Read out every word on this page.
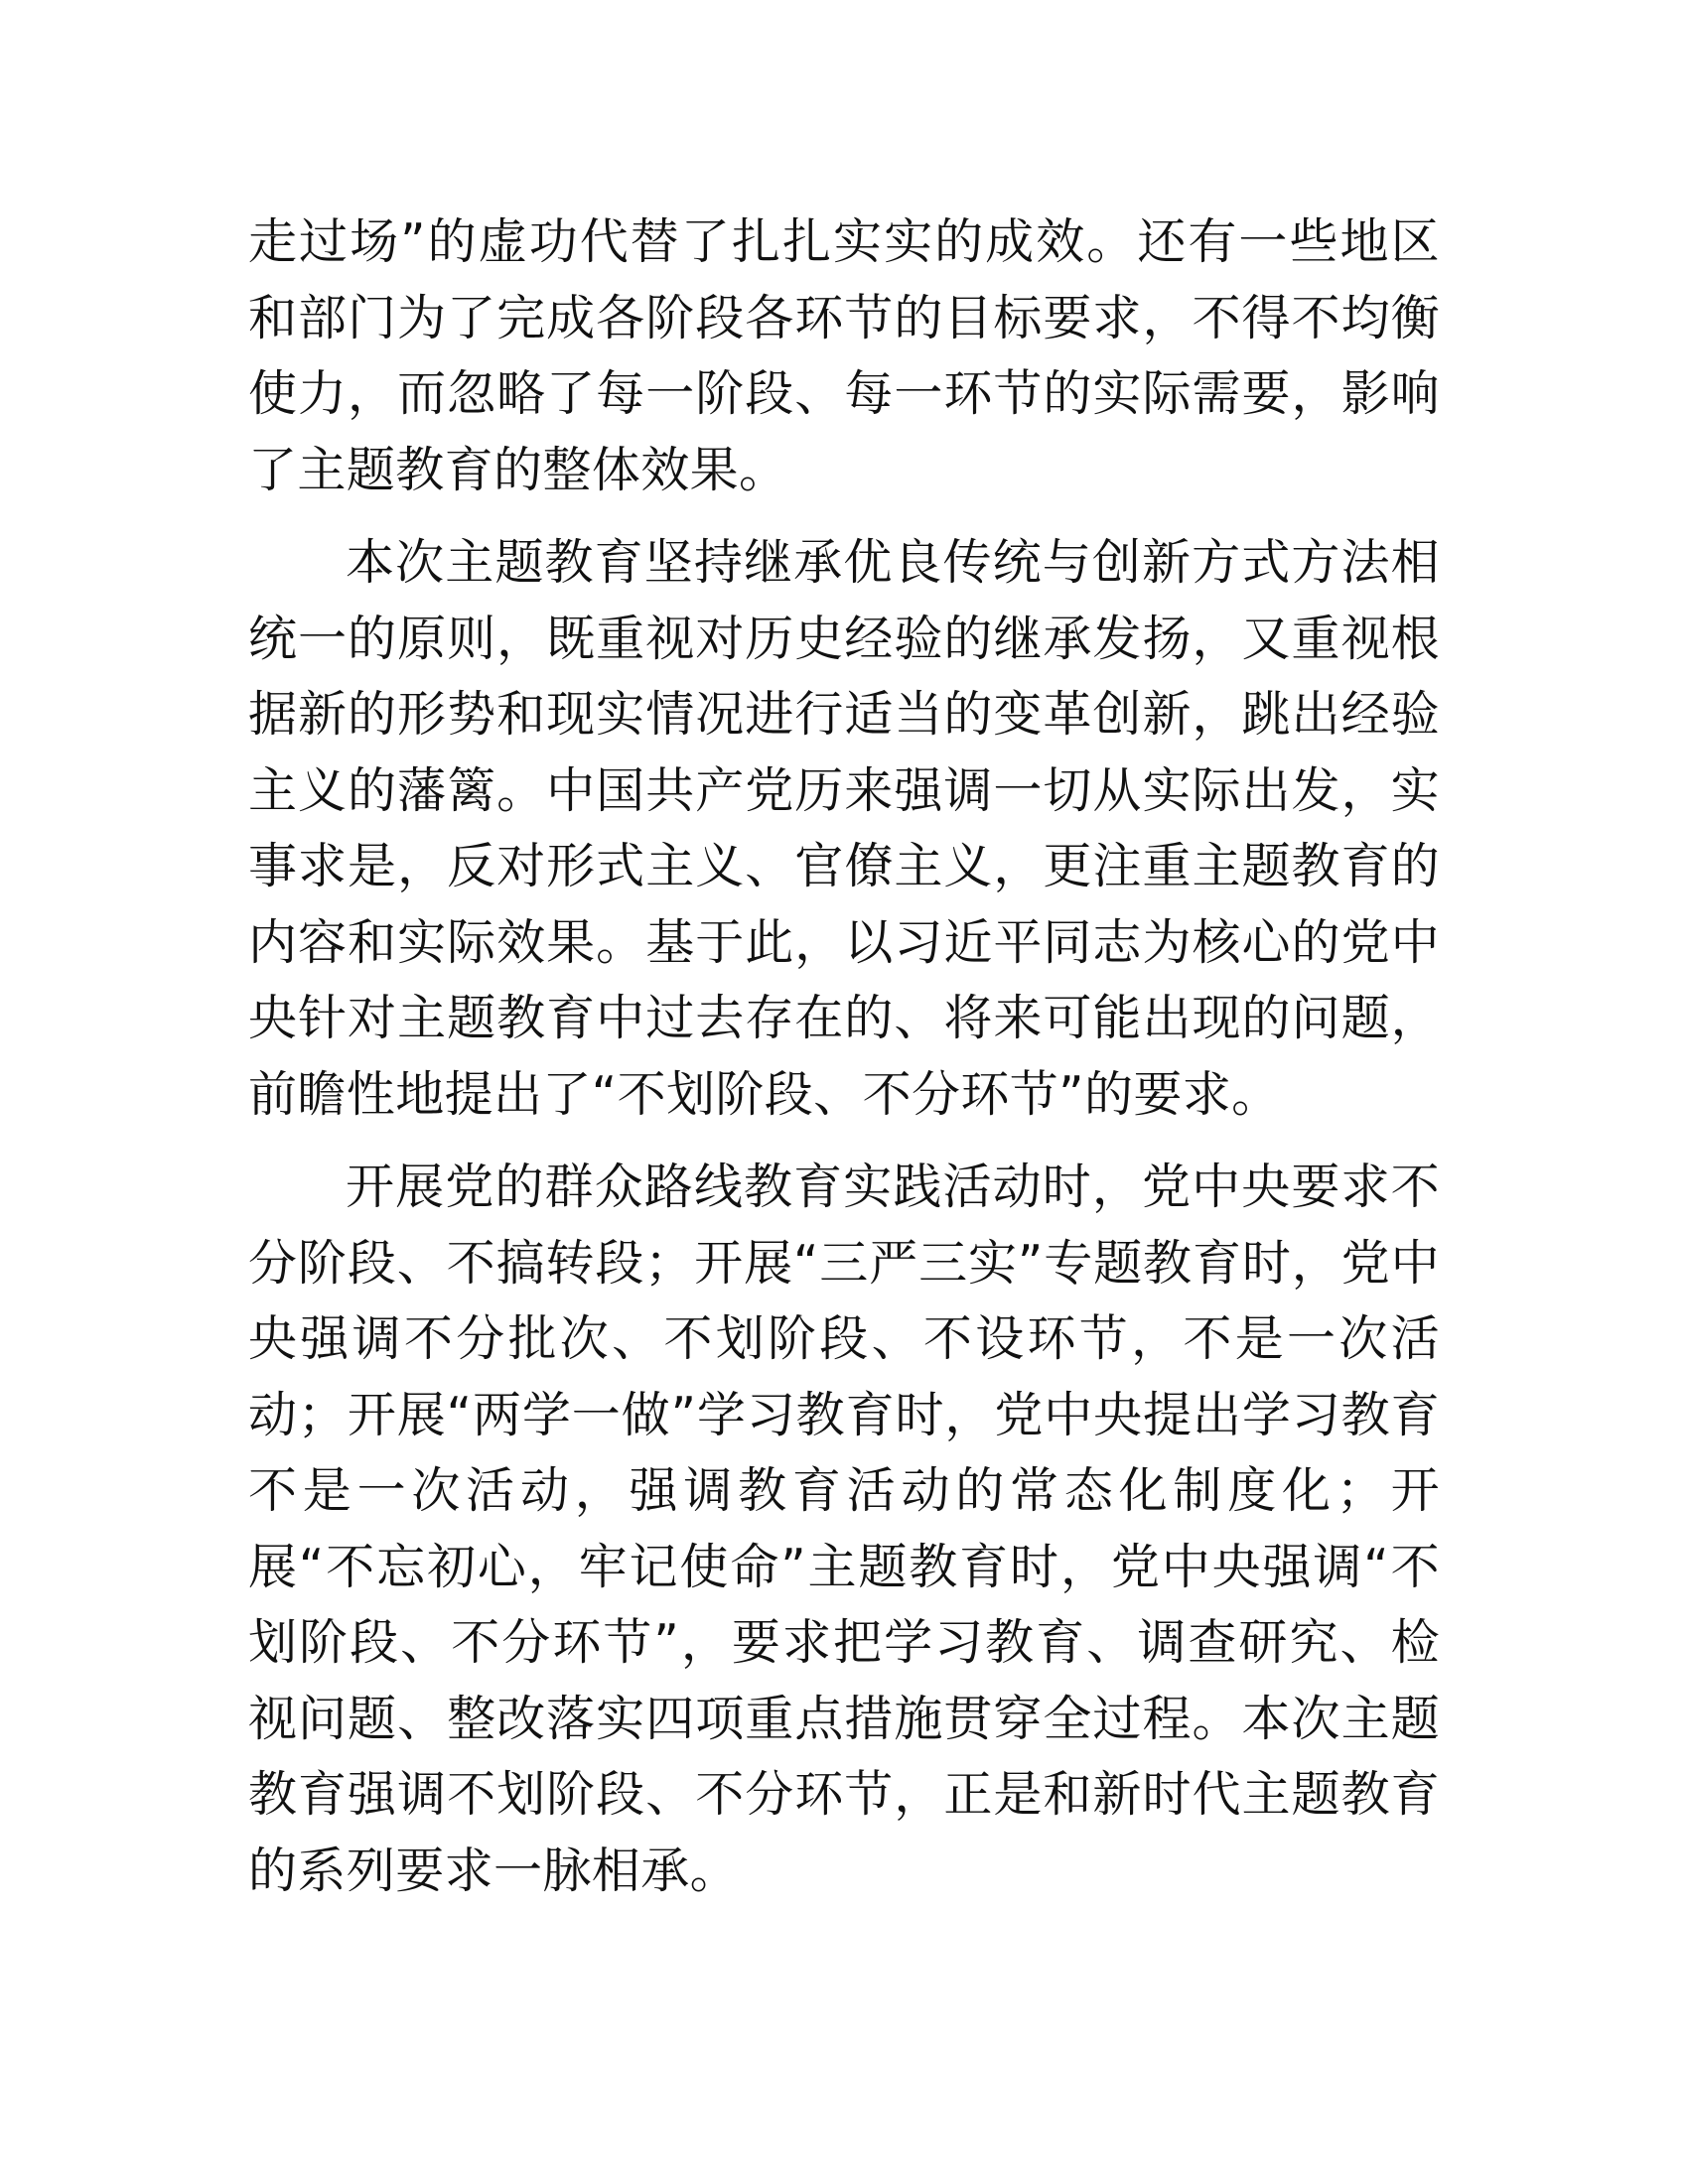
走过场”的虚功代替了扎扎实实的成效。还有一些地区和部门为了完成各阶段各环节的目标要求，不得不均衡使力，而忽略了每一阶段、每一环节的实际需要，影响了主题教育的整体效果。

本次主题教育坚持继承优良传统与创新方式方法相统一的原则，既重视对历史经验的继承发扬，又重视根据新的形势和现实情况进行适当的变革创新，跳出经验主义的藩篱。中国共产党历来强调一切从实际出发，实事求是，反对形式主义、官僚主义，更注重主题教育的内容和实际效果。基于此，以习近平同志为核心的党中央针对主题教育中过去存在的、将来可能出现的问题，前瞻性地提出了“不划阶段、不分环节”的要求。

开展党的群众路线教育实践活动时，党中央要求不分阶段、不搞转段；开展“三严三实”专题教育时，党中央强调不分批次、不划阶段、不设环节，不是一次活动；开展“两学一做”学习教育时，党中央提出学习教育不是一次活动，强调教育活动的常态化制度化；开展“不忘初心，牢记使命”主题教育时，党中央强调“不划阶段、不分环节”，要求把学习教育、调查研究、检视问题、整改落实四项重点措施贯穿全过程。本次主题教育强调不划阶段、不分环节，正是和新时代主题教育的系列要求一脉相承。
